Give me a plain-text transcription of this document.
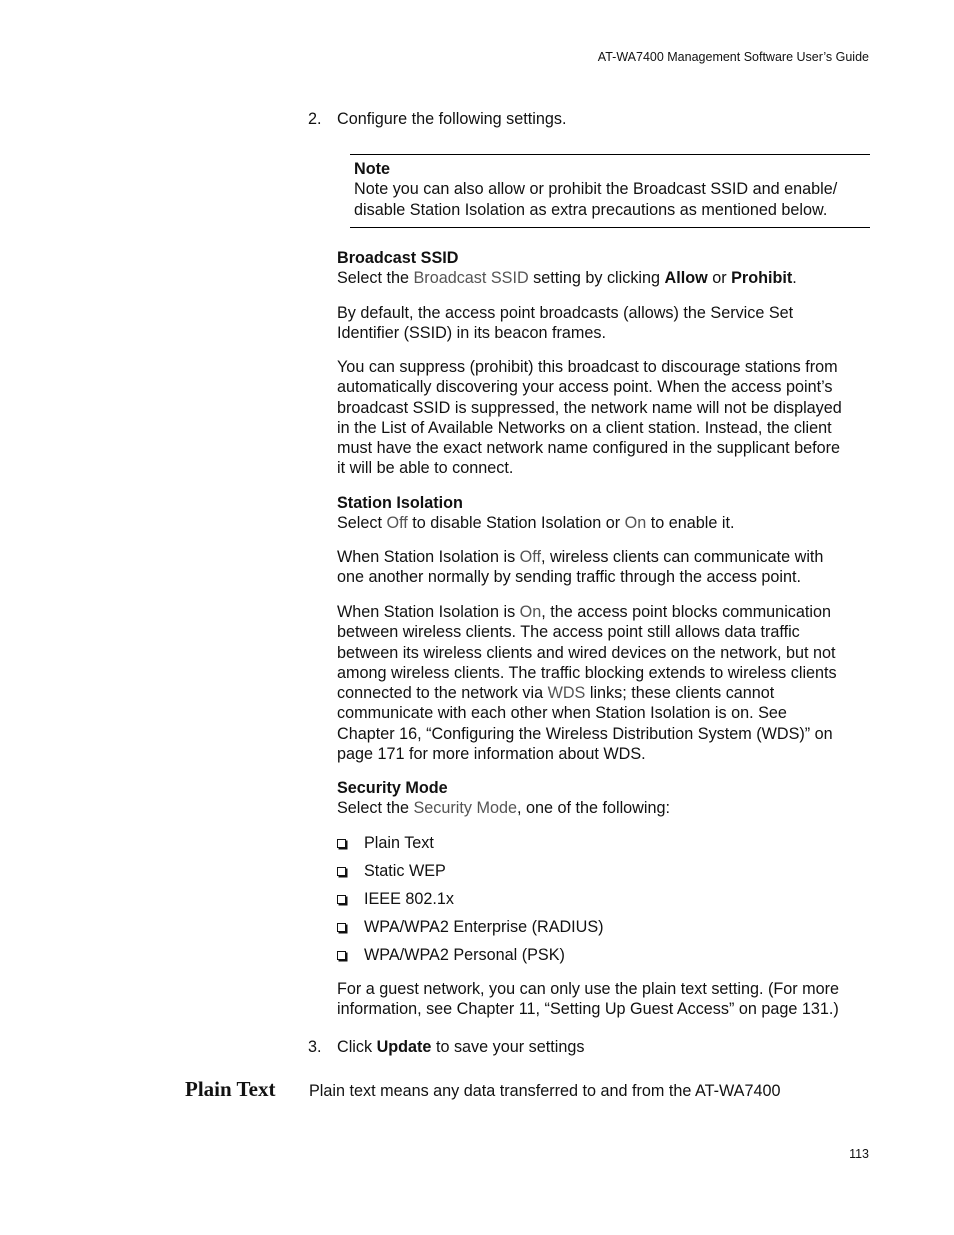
AT-WA7400 Management Software User’s Guide
2. Configure the following settings.
Note
Note you can also allow or prohibit the Broadcast SSID and enable/
disable Station Isolation as extra precautions as mentioned below.
Broadcast SSID
Select the Broadcast SSID setting by clicking Allow or Prohibit.
By default, the access point broadcasts (allows) the Service Set
Identifier (SSID) in its beacon frames.
You can suppress (prohibit) this broadcast to discourage stations from
automatically discovering your access point. When the access point’s
broadcast SSID is suppressed, the network name will not be displayed
in the List of Available Networks on a client station. Instead, the client
must have the exact network name configured in the supplicant before
it will be able to connect.
Station Isolation
Select Off to disable Station Isolation or On to enable it.
When Station Isolation is Off, wireless clients can communicate with
one another normally by sending traffic through the access point.
When Station Isolation is On, the access point blocks communication
between wireless clients. The access point still allows data traffic
between its wireless clients and wired devices on the network, but not
among wireless clients. The traffic blocking extends to wireless clients
connected to the network via WDS links; these clients cannot
communicate with each other when Station Isolation is on. See
Chapter 16, “Configuring the Wireless Distribution System (WDS)” on
page 171 for more information about WDS.
Security Mode
Select the Security Mode, one of the following:
Plain Text
Static WEP
IEEE 802.1x
WPA/WPA2 Enterprise (RADIUS)
WPA/WPA2 Personal (PSK)
For a guest network, you can only use the plain text setting. (For more
information, see Chapter 11, “Setting Up Guest Access” on page 131.)
3. Click Update to save your settings
Plain Text Plain text means any data transferred to and from the AT-WA7400
113
